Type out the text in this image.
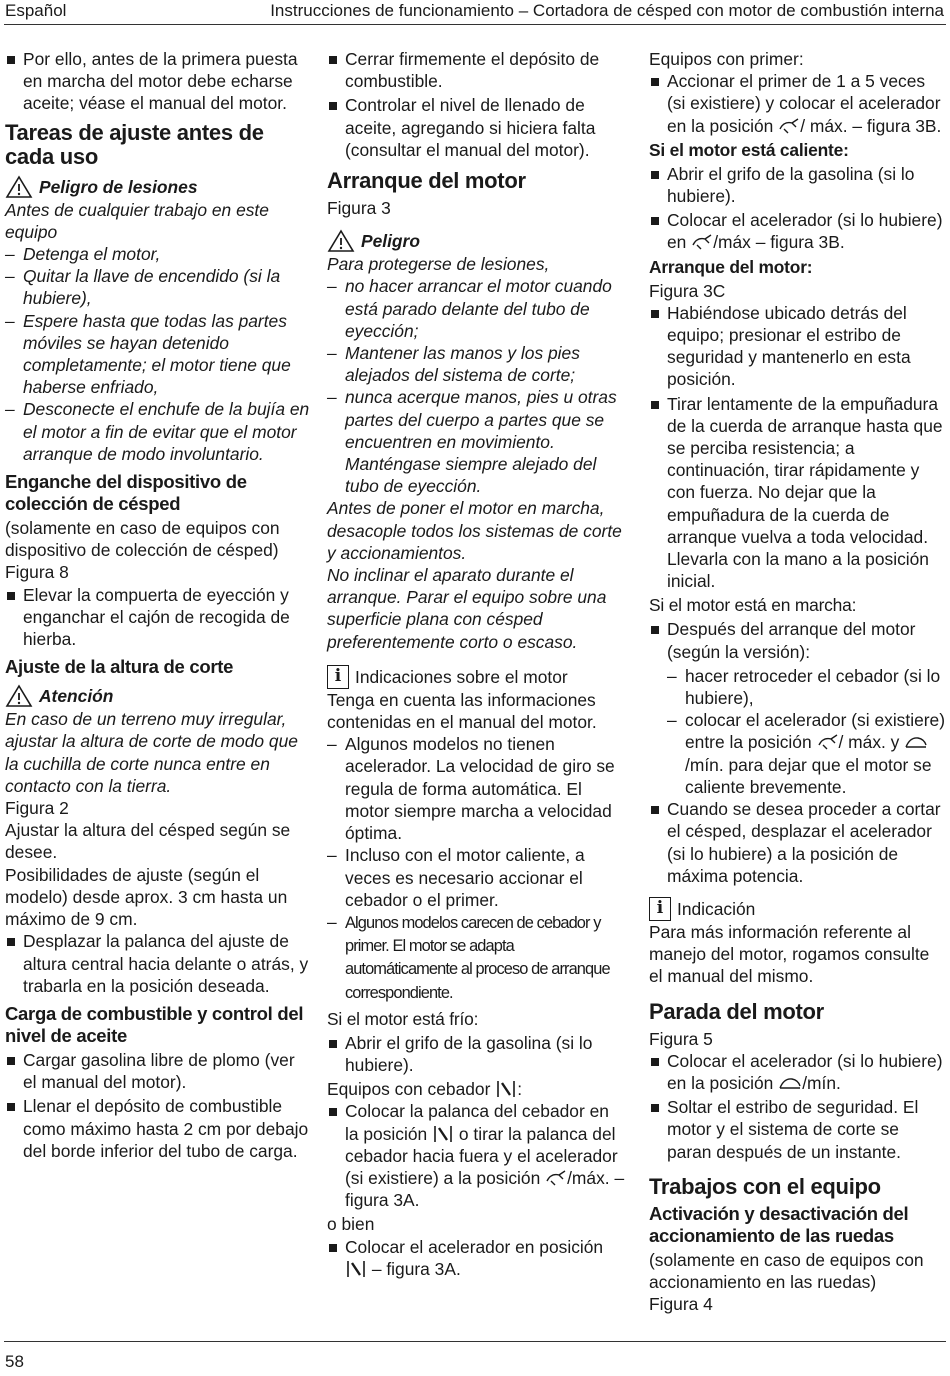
Español	Instrucciones de funcionamiento – Cortadora de césped con motor de combustión interna

Por ello, antes de la primera puesta en marcha del motor debe echarse aceite; véase el manual del motor.

Tareas de ajuste antes de cada uso
Peligro de lesiones

Antes de cualquier trabajo en este equipo

– Detenga el motor,
– Quitar la llave de encendido (si la hubiere),
– Espere hasta que todas las partes móviles se hayan detenido completamente; el motor tiene que haberse enfriado,
– Desconecte el enchufe de la bujía en el motor a fin de evitar que el motor arranque de modo involuntario.
Enganche del dispositivo de colección de césped

(solamente en caso de equipos con dispositivo de colección de césped)

Figura 8

Elevar la compuerta de eyección y enganchar el cajón de recogida de hierba.

Ajuste de la altura de corte
Atención

En caso de un terreno muy irregular, ajustar la altura de corte de modo que la cuchilla de corte nunca entre en contacto con la tierra.

Figura 2

Ajustar la altura del césped según se desee.

Posibilidades de ajuste (según el modelo) desde aprox. 3 cm hasta un máximo de 9 cm.

Desplazar la palanca del ajuste de altura central hacia delante o atrás, y trabarla en la posición deseada.

Carga de combustible y control del nivel de aceite

Cargar gasolina libre de plomo (ver el manual del motor).

Llenar el depósito de combustible como máximo hasta 2 cm por debajo del borde inferior del tubo de carga.

Cerrar firmemente el depósito de combustible.

Controlar el nivel de llenado de aceite, agregando si hiciera falta (consultar el manual del motor).

Arranque del motor

Figura 3

Peligro

Para protegerse de lesiones,

– no hacer arrancar el motor cuando está parado delante del tubo de eyección;
– Mantener las manos y los pies alejados del sistema de corte;
– nunca acerque manos, pies u otras partes del cuerpo a partes que se encuentren en movimiento. Manténgase siempre alejado del tubo de eyección.

Antes de poner el motor en marcha, desacople todos los sistemas de corte y accionamientos.

No inclinar el aparato durante el arranque. Parar el equipo sobre una superficie plana con césped preferentemente corto o escaso.

i Indicaciones sobre el motor

Tenga en cuenta las informaciones contenidas en el manual del motor.

– Algunos modelos no tienen acelerador. La velocidad de giro se regula de forma automática. El motor siempre marcha a velocidad óptima.
– Incluso con el motor caliente, a veces es necesario accionar el cebador o el primer.
– Algunos modelos carecen de cebador y primer. El motor se adapta automáticamente al proceso de arranque correspondiente.
Si el motor está frío:

Abrir el grifo de la gasolina (si lo hubiere).

Equipos con cebador :

Colocar la palanca del cebador en la posición o tirar la palanca del cebador hacia fuera y el acelerador (si existiere) a la posición /máx. – figura 3A.

o bien

Colocar el acelerador en posición  – figura 3A.

Equipos con primer:

Accionar el primer de 1 a 5 veces (si existiere) y colocar el acelerador en la posición / máx. – figura 3B.

Si el motor está caliente:

Abrir el grifo de la gasolina (si lo hubiere).

Colocar el acelerador (si lo hubiere) en /máx – figura 3B.

Arranque del motor:

Figura 3C

Habiéndose ubicado detrás del equipo; presionar el estribo de seguridad y mantenerlo en esta posición.

Tirar lentamente de la empuñadura de la cuerda de arranque hasta que se perciba resistencia; a continuación, tirar rápidamente y con fuerza. No dejar que la empuñadura de la cuerda de arranque vuelva a toda velocidad. Llevarla con la mano a la posición inicial.

Si el motor está en marcha:

Después del arranque del motor (según la versión):

– hacer retroceder el cebador (si lo hubiere),
– colocar el acelerador (si existiere) entre la posición / máx. y /mín. para dejar que el motor se caliente brevemente.

Cuando se desea proceder a cortar el césped, desplazar el acelerador (si lo hubiere) a la posición de máxima potencia.

i Indicación

Para más información referente al manejo del motor, rogamos consulte el manual del mismo.

Parada del motor

Figura 5

Colocar el acelerador (si lo hubiere) en la posición /mín.

Soltar el estribo de seguridad. El motor y el sistema de corte se paran después de un instante.

Trabajos con el equipo
Activación y desactivación del accionamiento de las ruedas

(solamente en caso de equipos con accionamiento en las ruedas)

Figura 4

58
